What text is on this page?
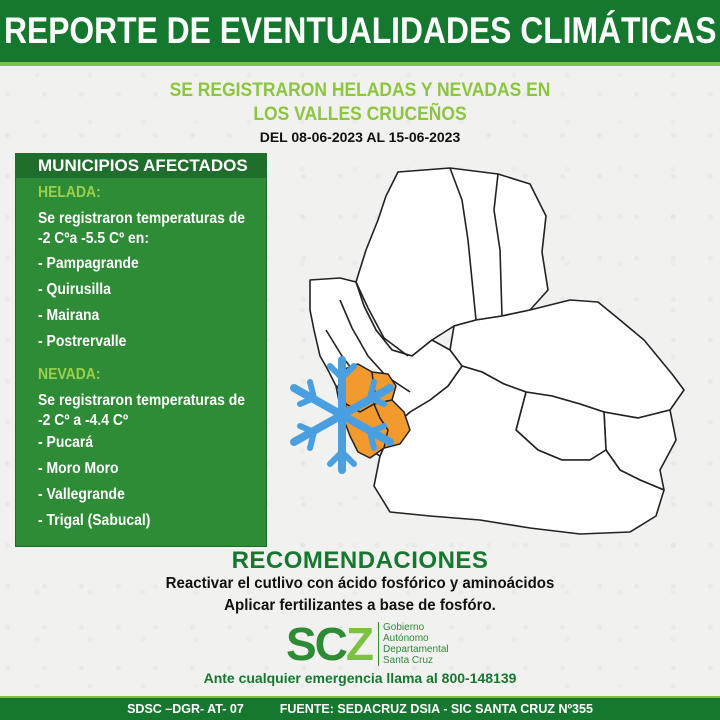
REPORTE DE EVENTUALIDADES CLIMÁTICAS
SE REGISTRARON HELADAS Y NEVADAS EN
LOS VALLES CRUCEÑOS
DEL 08-06-2023 AL 15-06-2023
MUNICIPIOS AFECTADOS
HELADA:
Se registraron temperaturas de
-2 Cºa -5.5 Cº en:
- Pampagrande
- Quirusilla
- Mairana
- Postrervalle
NEVADA:
Se registraron temperaturas de
-2 Cº a -4.4 Cº
- Pucará
- Moro Moro
- Vallegrande
- Trigal (Sabucal)
RECOMENDACIONES
Reactivar el cutlivo con ácido fosfórico y aminoácidos
Aplicar fertilizantes a base de fosfóro.
SCZ Gobierno
Autónomo
Departamental
Santa Cruz
Ante cualquier emergencia llama al 800-148139
SDSC –DGR- AT- 07	FUENTE: SEDACRUZ DSIA - SIC SANTA CRUZ Nº355
